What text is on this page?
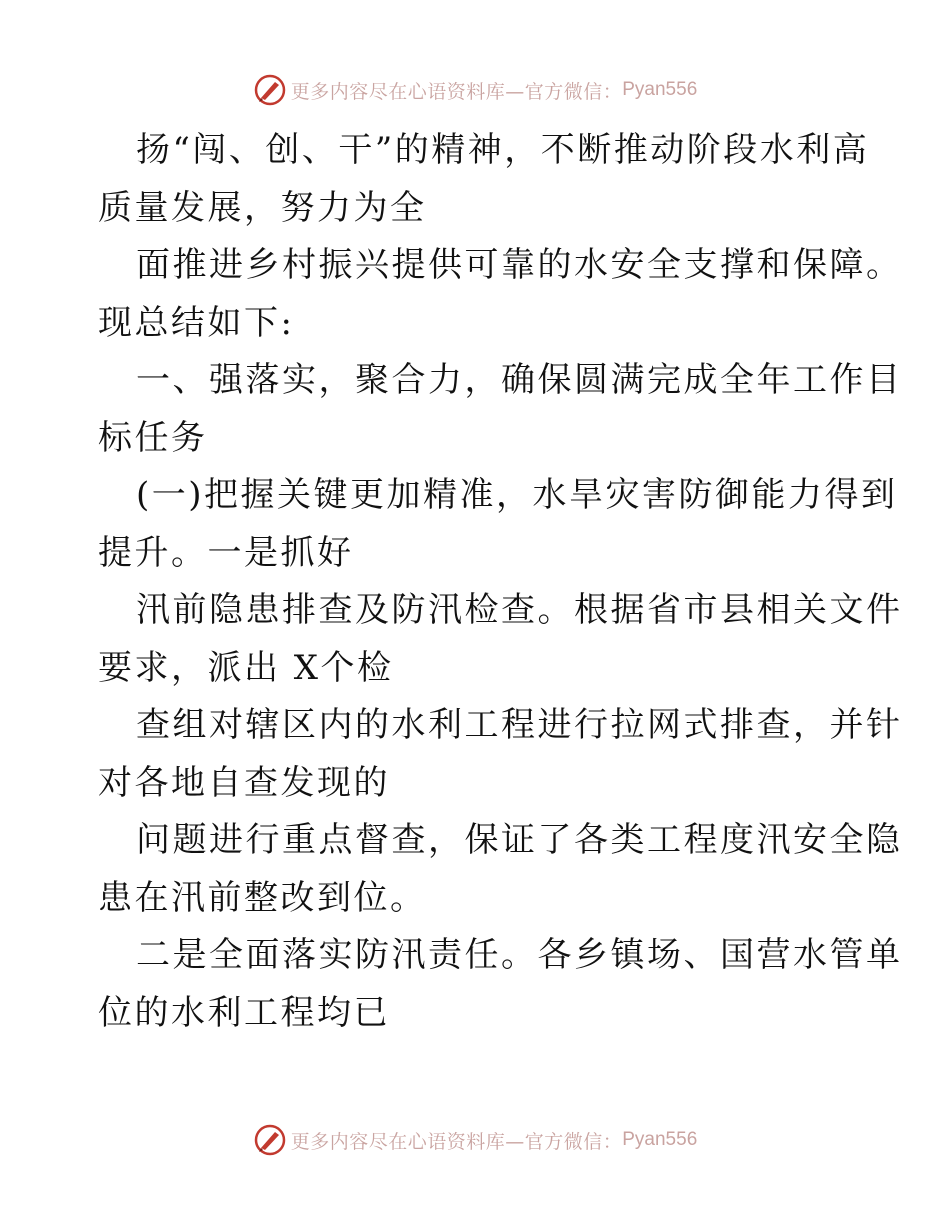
更多内容尽在心语资料库—官方微信： Pyan556
扬“闯、创、干”的精神，不断推动阶段水利高
质量发展，努力为全
面推进乡村振兴提供可靠的水安全支撑和保障。
现总结如下:
一、强落实，聚合力，确保圆满完成全年工作目
标任务
(一)把握关键更加精准，水旱灾害防御能力得到
提升。一是抓好
汛前隐患排查及防汛检查。根据省市县相关文件
要求，派出 X个检
查组对辖区内的水利工程进行拉网式排查，并针
对各地自查发现的
问题进行重点督查，保证了各类工程度汛安全隐
患在汛前整改到位。
二是全面落实防汛责任。各乡镇场、国营水管单
位的水利工程均已
更多内容尽在心语资料库—官方微信： Pyan556
